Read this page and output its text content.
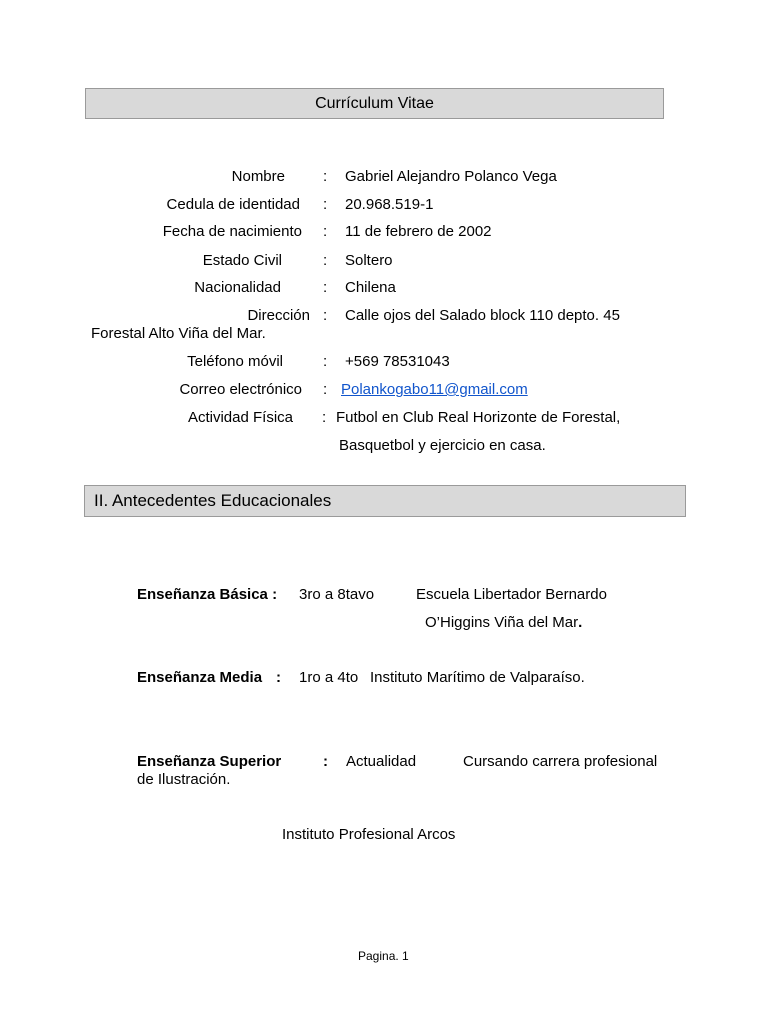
Currículum Vitae
Nombre	: Gabriel Alejandro Polanco Vega
Cedula de identidad : 20.968.519-1
Fecha de nacimiento : 11 de febrero de 2002
Estado Civil	: Soltero
Nacionalidad	: Chilena
Dirección : Calle ojos del Salado block 110 depto. 45
Forestal Alto Viña del Mar.
Teléfono móvil	: +569 78531043
Correo electrónico : Polankogabo11@gmail.com
Actividad Física : Futbol en Club Real Horizonte de Forestal,
Basquetbol y ejercicio en casa.
II. Antecedentes Educacionales
Enseñanza Básica : 3ro a 8tavo	Escuela Libertador Bernardo
O’Higgins Viña del Mar.
Enseñanza Media : 1ro a 4to Instituto Marítimo de Valparaíso.
Enseñanza Superior	: Actualidad	Cursando carrera profesional
de Ilustración.
Instituto Profesional Arcos
Pagina. 1
